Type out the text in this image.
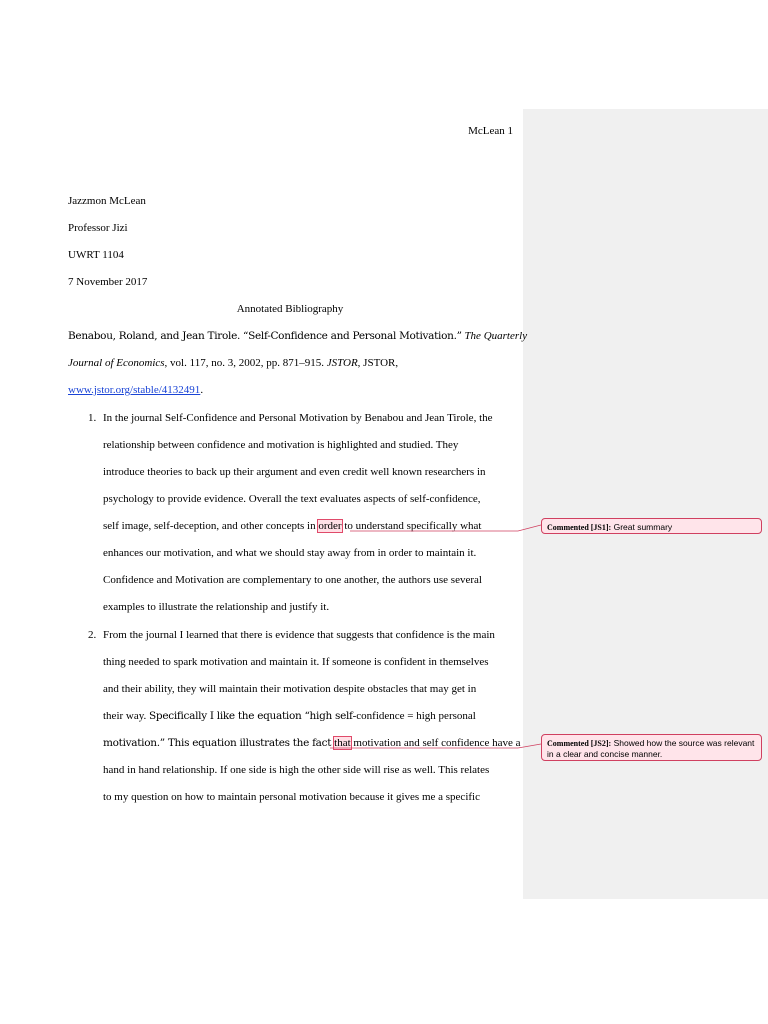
McLean 1
Jazzmon McLean
Professor Jizi
UWRT 1104
7 November 2017
Annotated Bibliography
Benabou, Roland, and Jean Tirole. “Self-Confidence and Personal Motivation.” The Quarterly
Journal of Economics, vol. 117, no. 3, 2002, pp. 871–915. JSTOR, JSTOR,
www.jstor.org/stable/4132491.
1. In the journal Self-Confidence and Personal Motivation by Benabou and Jean Tirole, the
relationship between confidence and motivation is highlighted and studied. They
introduce theories to back up their argument and even credit well known researchers in
psychology to provide evidence. Overall the text evaluates aspects of self-confidence,
self image, self-deception, and other concepts in order to understand specifically what
enhances our motivation, and what we should stay away from in order to maintain it.
Confidence and Motivation are complementary to one another, the authors use several
examples to illustrate the relationship and justify it.
2. From the journal I learned that there is evidence that suggests that confidence is the main
thing needed to spark motivation and maintain it. If someone is confident in themselves
and their ability, they will maintain their motivation despite obstacles that may get in
their way. Specifically I like the equation “high self-confidence = high personal
motivation.” This equation illustrates the fact that motivation and self confidence have a
hand in hand relationship. If one side is high the other side will rise as well. This relates
to my question on how to maintain personal motivation because it gives me a specific
Commented [JS1]: Great summary
Commented [JS2]: Showed how the source was relevant in a clear and concise manner.
